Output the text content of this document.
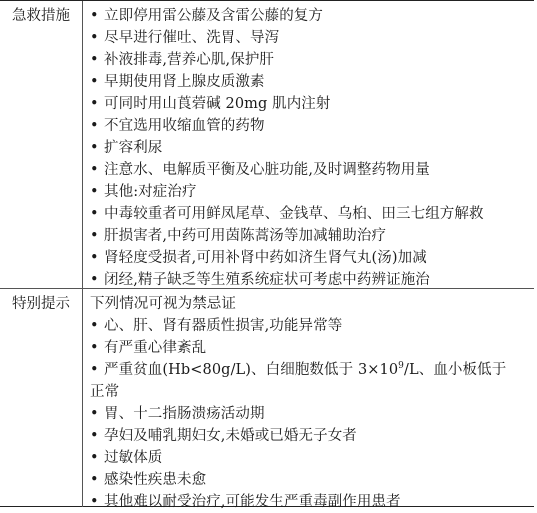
急救措施	• 立即停用雷公藤及含雷公藤的复方
• 尽早进行催吐、洗胃、导泻
• 补液排毒,营养心肌,保护肝
• 早期使用肾上腺皮质激素
• 可同时用山莨菪碱 20mg 肌内注射
• 不宜选用收缩血管的药物
• 扩容利尿
• 注意水、电解质平衡及心脏功能,及时调整药物用量
• 其他:对症治疗
• 中毒较重者可用鲜凤尾草、金钱草、乌桕、田三七组方解救
• 肝损害者,中药可用茵陈蒿汤等加减辅助治疗
• 肾轻度受损者,可用补肾中药如济生肾气丸(汤)加减
• 闭经,精子缺乏等生殖系统症状可考虑中药辨证施治
特别提示	下列情况可视为禁忌证
• 心、肝、肾有器质性损害,功能异常等
• 有严重心律紊乱
• 严重贫血(Hb<80g/L)、白细胞数低于 $3\times 10^9/L$、血小板低于
正常
• 胃、十二指肠溃疡活动期
• 孕妇及哺乳期妇女,未婚或已婚无子女者
• 过敏体质
• 感染性疾患未愈
• 其他难以耐受治疗,可能发生严重毒副作用患者
